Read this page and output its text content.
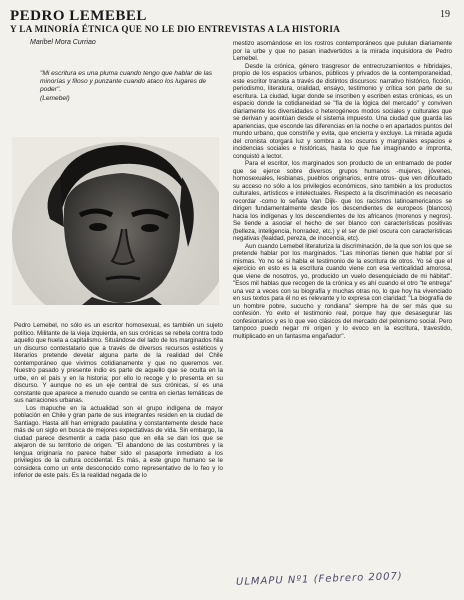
19
PEDRO LEMEBEL
Y LA MINORÍA ÉTNICA QUE NO LE DIO ENTREVISTAS A LA HISTORIA
Maribel Mora Curriao
"Mi escritura es una pluma cuando tengo que hablar de las minorías y filoso y punzante cuando ataco los lugares de poder".
(Lemebel)

Pedro Lemebel, no sólo es un escritor homosexual, es también un sujeto político. Militante de la vieja izquierda, en sus crónicas se rebela contra todo aquello que huela a capitalismo. Situándose del lado de los marginados hila un discurso contestatario que a través de diversos recursos estéticos y literarios pretende develar alguna parte de la realidad del Chile contemporáneo que vivimos cotidianamente y que no queremos ver. Nuestro pasado y presente indio es parte de aquello que se oculta en la urbe, en el país y en la historia; por ello lo recoge y lo presenta en su discurso. Y aunque no es un eje central de sus crónicas, sí es una constante que aparece a menudo cuando se centra en ciertas temáticas de sus narraciones urbanas.

Los mapuche en la actualidad son el grupo indígena de mayor población en Chile y gran parte de sus integrantes residen en la ciudad de Santiago. Hasta allí han emigrado paulatina y constantemente desde hace más de un siglo en busca de mejores expectativas de vida. Sin embargo, la ciudad parece desmentir a cada paso que en ella se dan los que se alejaron de su territorio de origen. "El abandono de las costumbres y la lengua originaria no parece haber sido el pasaporte inmediato a los privilegios de la cultura occidental. Es más, a este grupo humano se le considera como un ente desconocido como representativo de lo feo y lo inferior de este país. Es la realidad negada de lo

mestizo asomándose en los rostros contemporáneos que pululan diariamente por la urbe y que no pasan inadvertidos a la mirada inquisidora de Pedro Lemebel.

Desde la crónica, género trasgresor de entrecruzamientos e hibridajes, propio de los espacios urbanos, públicos y privados de la contemporaneidad, este escritor transita a través de distintos discursos: narrativo histórico, ficción, periodismo, literatura, oralidad, ensayo, testimonio y crítica son parte de su escritura. La ciudad, lugar donde se inscriben y escriben estas crónicas, es un espacio donde la cotidianeidad se "fía de la lógica del mercado" y conviven diariamente los diversidades o heterogéneos modos sociales y culturales que se derivan y acentúan desde el sistema impuesto. Una ciudad que guarda las apariencias, que esconde las diferencias en la noche o en apartados puntos del mundo urbano, que constriñe y evita, que encierra y excluye. La mirada aguda del cronista otorgará luz y sombra a los oscuros y marginales espacios e incidencias sociales e históricas, hasta lo que fue imaginando e impronta, conquistó a lector.

Para el escritor, los marginados son producto de un entramado de poder que se ejerce sobre diversos grupos humanos -mujeres, jóvenes, homosexuales, lesbianas, pueblos originarios, entre otros- que ven dificultado su acceso no sólo a los privilegios económicos, sino también a los productos culturales, artísticos e intelectuales. Respecto a la discriminación es necesario recordar -como lo señala Van Dijk- que los racismos latinoamericanos se dirigen fundamentalmente desde los descendientes de europeos (blancos) hacia los indígenas y los descendientes de los africanos (morenos y negros). Se tiende a asociar el hecho de ser blanco con características positivas (belleza, inteligencia, honradez, etc.) y el ser de piel oscura con características negativas (fealdad, pereza, de inocencia, etc).

Aun cuando Lemebel literaturiza la discriminación, de la que son los que se pretende hablar por los marginados. "Las minorías tienen que hablar por sí mismas. Yo no sé si habla el testimonio de la escritura de otros. Yo sé que el ejercicio en esto es la escritura cuando viene con esa verticalidad amorosa, que viene de nosotros, yo, producido un vuelo desenquiciado de mi hábitat". "Esos mil hablas que recogen de la crónica y es ahí cuando el otro "te entrega" una vez a veces con su biografía y muchas otras no, lo que hoy ha vivenciado en sus textos para él no es relevante y lo expresa con claridad: "La biografía de un hombre pobre, sucucho y rondiana" siempre ha de ser más que su confesión. Yo evito el testimonio real, porque hay que desasegurar las confesionarios y es lo que veo clásicos del mercado del pelonismo social. Pero tampoco puedo negar mi origen y lo evoco en la escritura, travestido, multiplicado en un fantasma engañador".

ULMAPU Nº1 (Febrero 2007)
